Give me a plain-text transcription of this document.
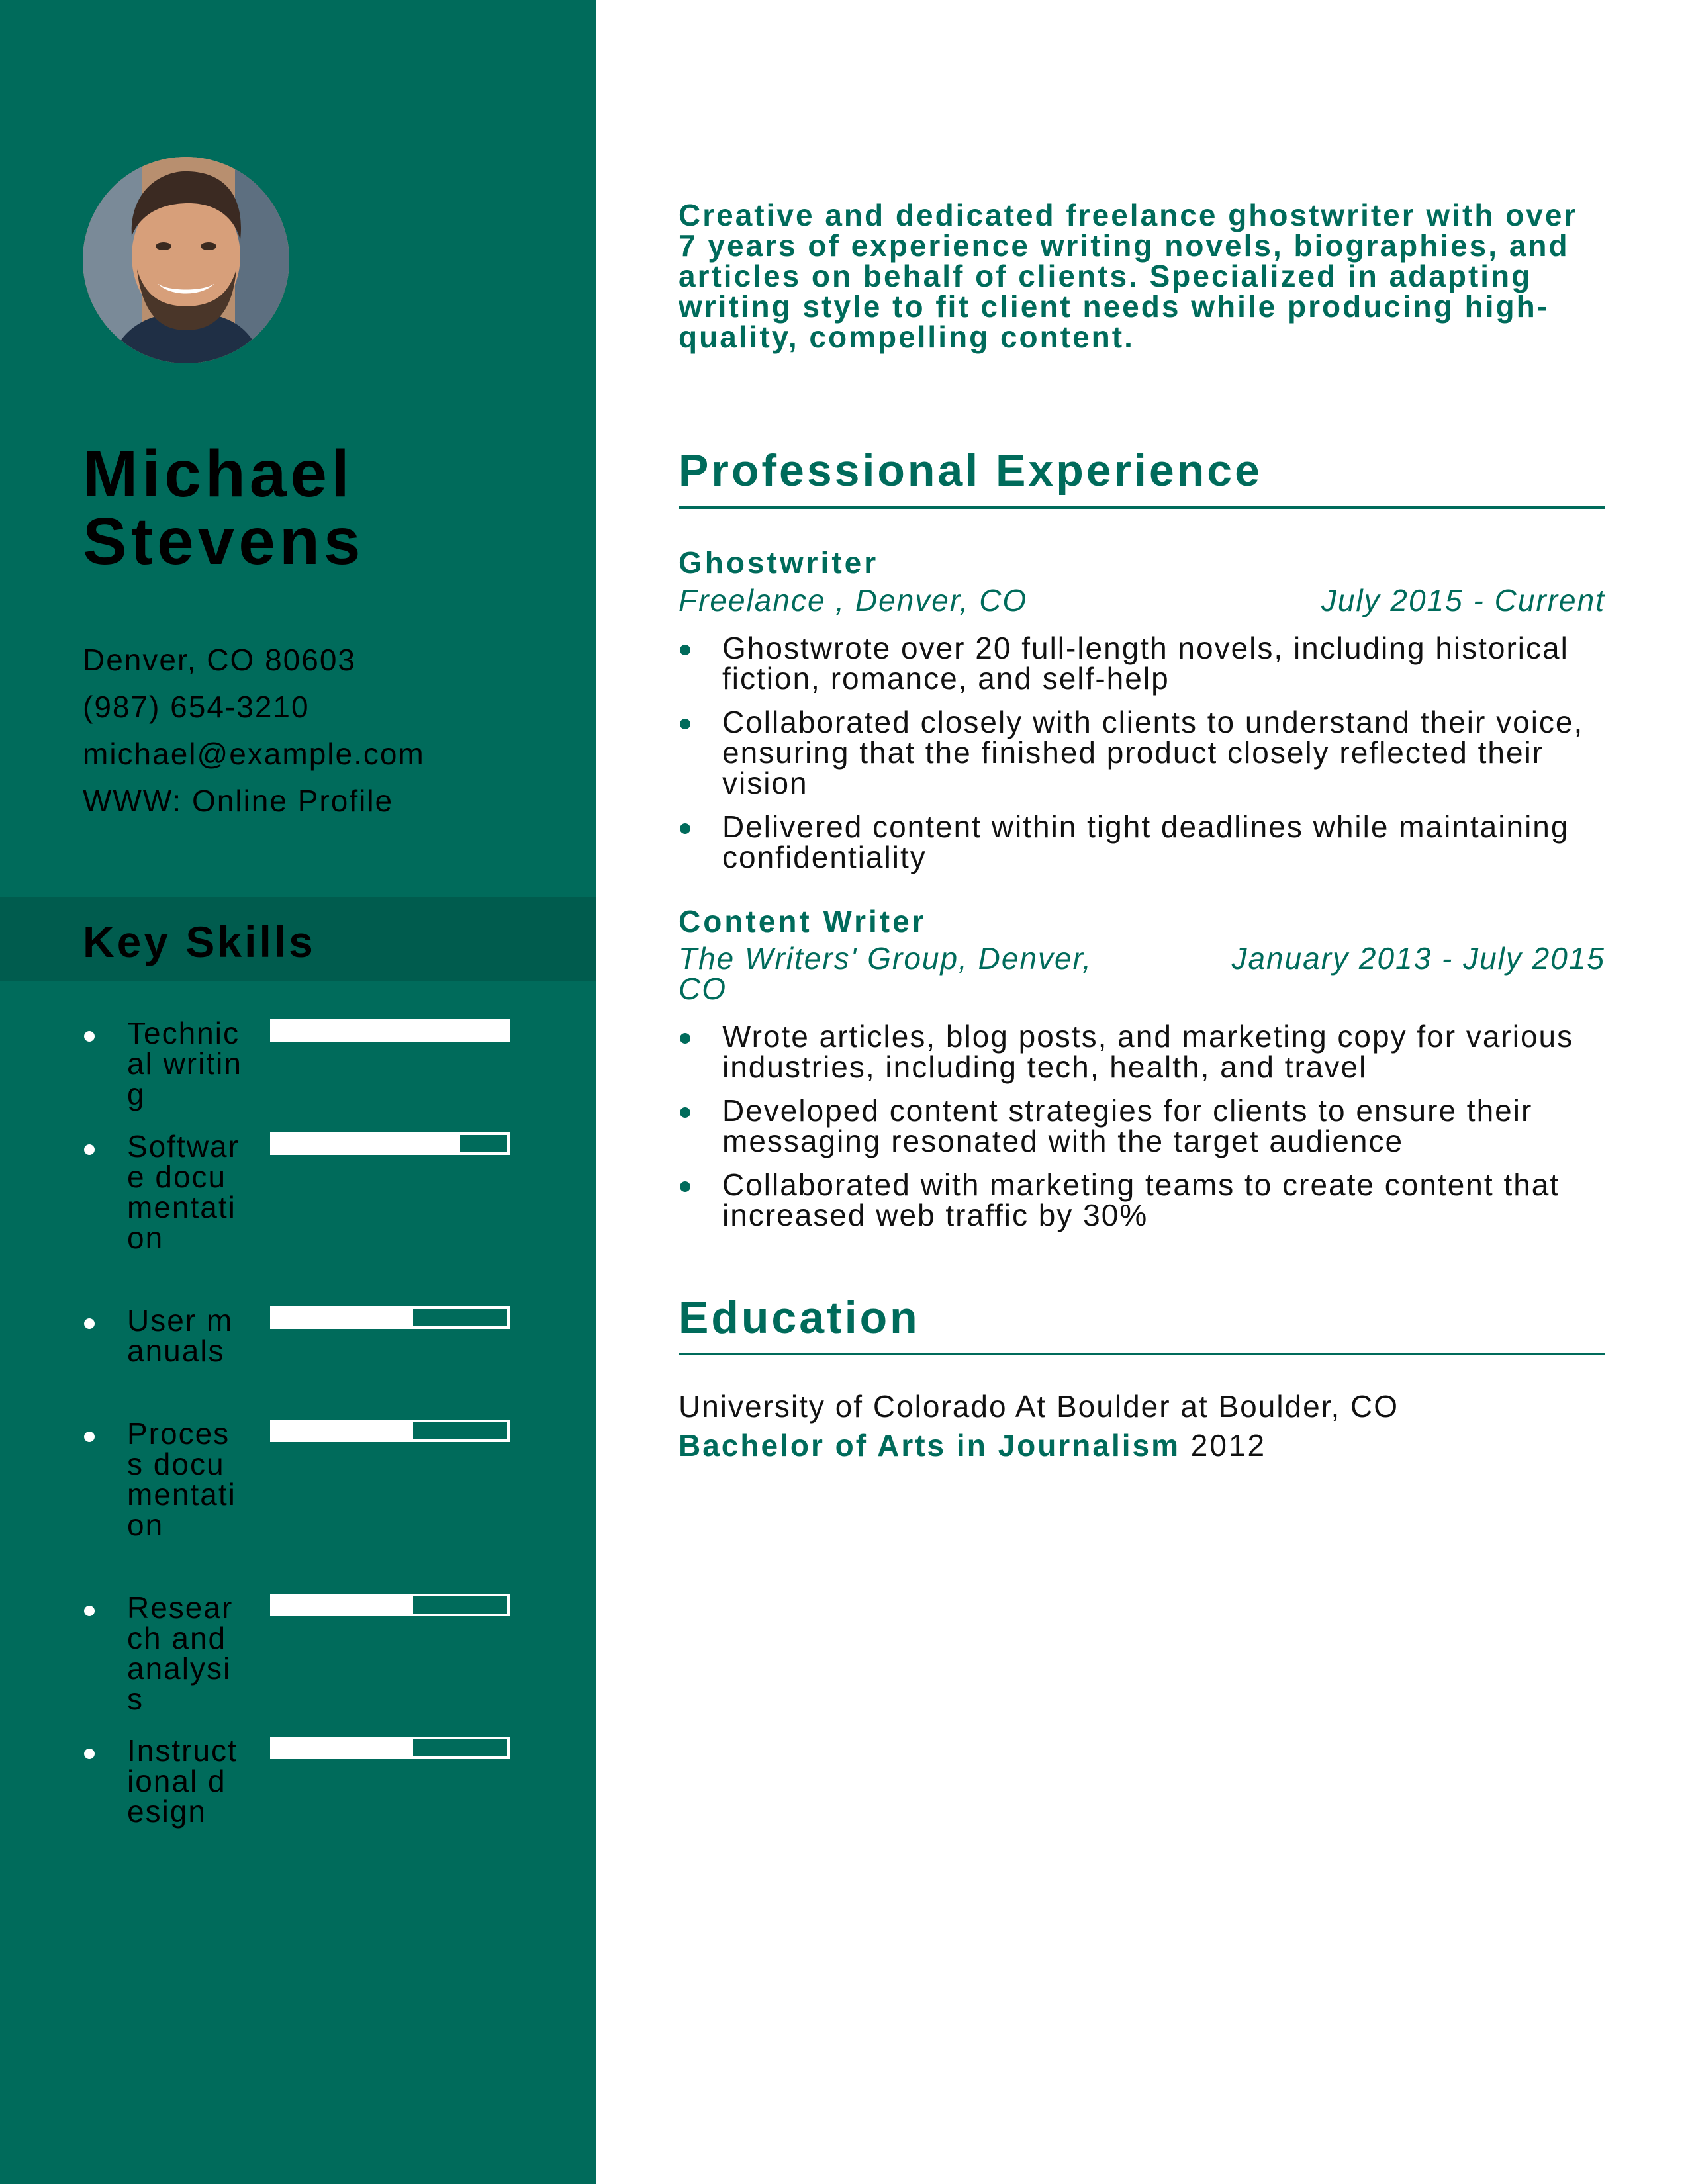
Michael
Stevens
Denver, CO 80603
(987) 654-3210
michael@example.com
WWW: Online Profile
Key Skills
Technical writing
Software documentation
User manuals
Process documentation
Research and analysis
Instructional design
Creative and dedicated freelance ghostwriter with over 7 years of experience writing novels, biographies, and articles on behalf of clients. Specialized in adapting writing style to fit client needs while producing high-quality, compelling content.
Professional Experience
Ghostwriter
Freelance , Denver, CO	July 2015 - Current
Ghostwrote over 20 full-length novels, including historical fiction, romance, and self-help
Collaborated closely with clients to understand their voice, ensuring that the finished product closely reflected their vision
Delivered content within tight deadlines while maintaining confidentiality
Content Writer
The Writers' Group, Denver, CO
January 2013 - July 2015
Wrote articles, blog posts, and marketing copy for various industries, including tech, health, and travel
Developed content strategies for clients to ensure their messaging resonated with the target audience
Collaborated with marketing teams to create content that increased web traffic by 30%
Education
University of Colorado At Boulder at Boulder, CO
Bachelor of Arts in Journalism 2012
